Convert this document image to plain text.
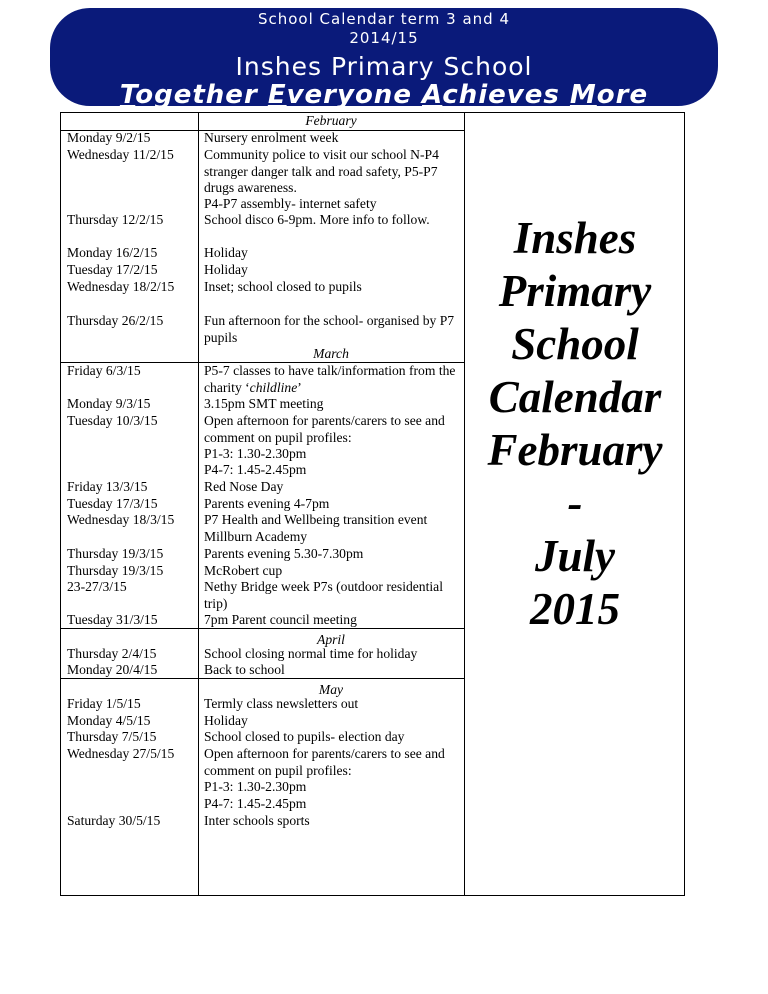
School Calendar term 3 and 4
2014/15
Inshes Primary School
Together Everyone Achieves More
February
March
April
May
Monday 9/2/15	Nursery enrolment week
Wednesday 11/2/15	Community police to visit our school N-P4 stranger danger talk and road safety, P5-P7 drugs awareness.
P4-P7 assembly- internet safety
Thursday 12/2/15	School disco 6-9pm. More info to follow.
Monday 16/2/15	Holiday
Tuesday 17/2/15	Holiday
Wednesday 18/2/15	Inset; school closed to pupils
Thursday 26/2/15	Fun afternoon for the school- organised by P7 pupils
Friday 6/3/15	P5-7 classes to have talk/information from the charity ‘childline’
Monday 9/3/15	3.15pm SMT meeting
Tuesday 10/3/15	Open afternoon for parents/carers to see and comment on pupil profiles:
P1-3: 1.30-2.30pm
P4-7: 1.45-2.45pm
Friday 13/3/15	Red Nose Day
Tuesday 17/3/15	Parents evening 4-7pm
Wednesday 18/3/15	P7 Health and Wellbeing transition event Millburn Academy
Thursday 19/3/15	Parents evening 5.30-7.30pm
Thursday 19/3/15	McRobert cup
23-27/3/15	Nethy Bridge week P7s (outdoor residential trip)
Tuesday 31/3/15	7pm Parent council meeting
Thursday 2/4/15	School closing normal time for holiday
Monday 20/4/15	Back to school
Friday 1/5/15	Termly class newsletters out
Monday 4/5/15	Holiday
Thursday 7/5/15	School closed to pupils- election day
Wednesday 27/5/15	Open afternoon for parents/carers to see and comment on pupil profiles:
P1-3: 1.30-2.30pm
P4-7: 1.45-2.45pm
Saturday 30/5/15	Inter schools sports
Inshes
Primary
School
Calendar
February
-
July
2015
